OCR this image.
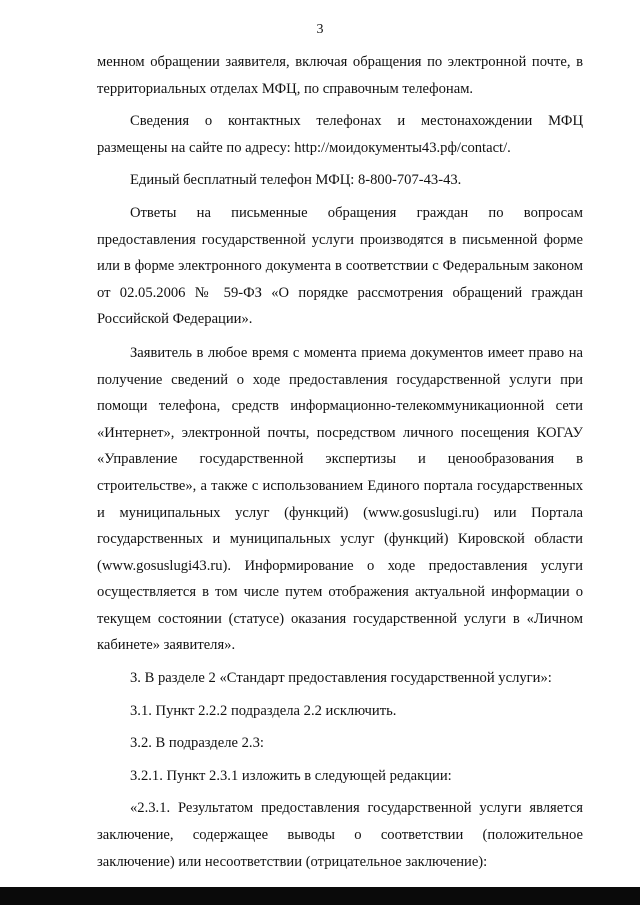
3

менном обращении заявителя, включая обращения по электронной почте, в территориальных отделах МФЦ, по справочным телефонам.

Сведения о контактных телефонах и местонахождении МФЦ размещены на сайте по адресу: http://моидокументы43.рф/contact/.

Единый бесплатный телефон МФЦ: 8-800-707-43-43.

Ответы на письменные обращения граждан по вопросам предоставления государственной услуги производятся в письменной форме или в форме электронного документа в соответствии с Федеральным законом от 02.05.2006 № 59-ФЗ «О порядке рассмотрения обращений граждан Российской Федерации».

Заявитель в любое время с момента приема документов имеет право на получение сведений о ходе предоставления государственной услуги при помощи телефона, средств информационно-телекоммуникационной сети «Интернет», электронной почты, посредством личного посещения КОГАУ «Управление государственной экспертизы и ценообразования в строительстве», а также с использованием Единого портала государственных и муниципальных услуг (функций) (www.gosuslugi.ru) или Портала государственных и муниципальных услуг (функций) Кировской области (www.gosuslugi43.ru). Информирование о ходе предоставления услуги осуществляется в том числе путем отображения актуальной информации о текущем состоянии (статусе) оказания государственной услуги в «Личном кабинете» заявителя».

3. В разделе 2 «Стандарт предоставления государственной услуги»:

3.1. Пункт 2.2.2 подраздела 2.2 исключить.

3.2. В подразделе 2.3:

3.2.1. Пункт 2.3.1 изложить в следующей редакции:

«2.3.1. Результатом предоставления государственной услуги является заключение, содержащее выводы о соответствии (положительное заключение) или несоответствии (отрицательное заключение):
